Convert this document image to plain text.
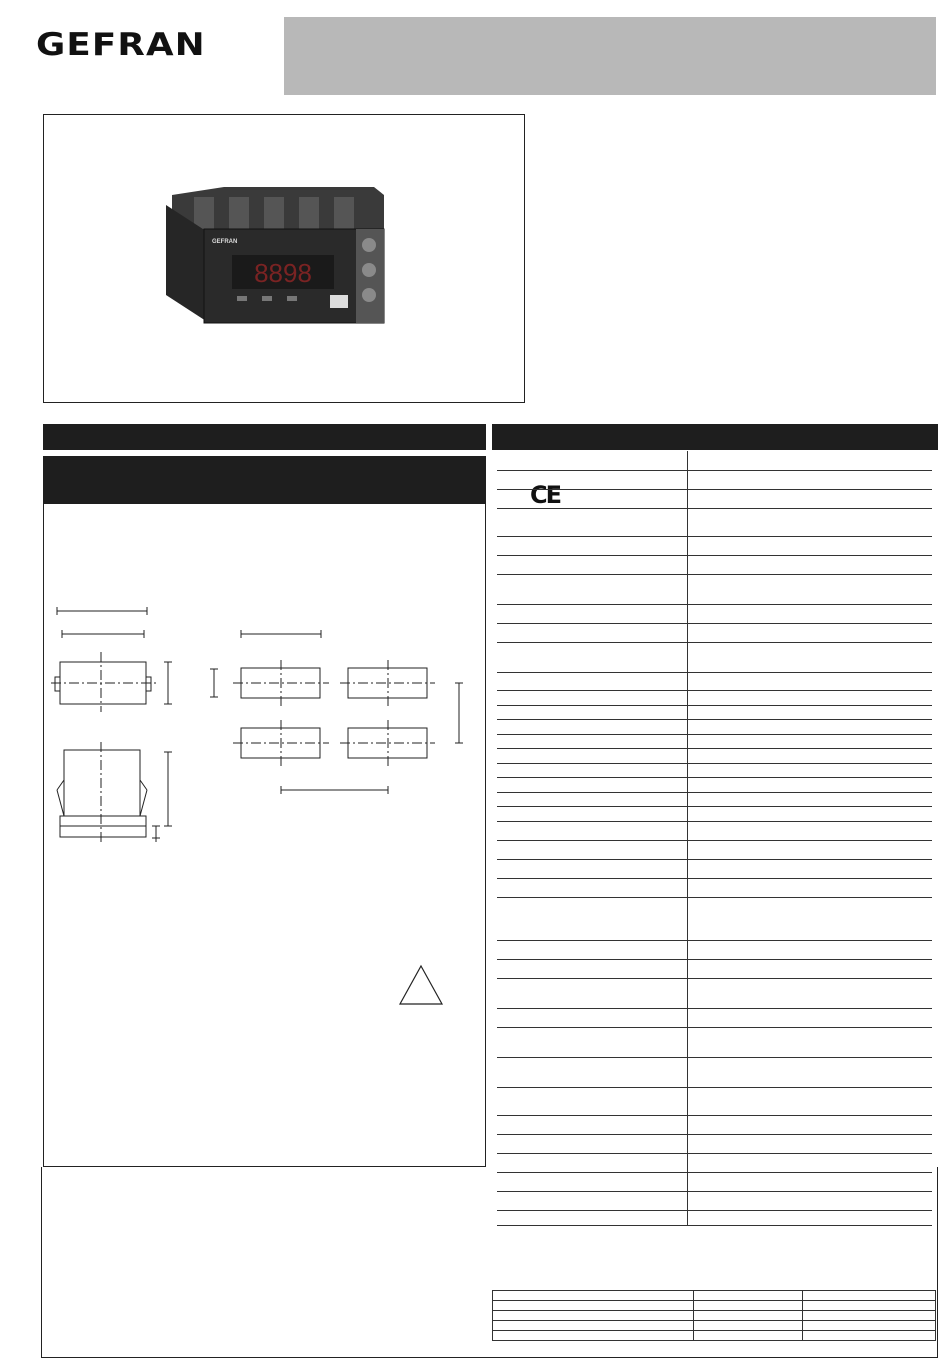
GEFRAN
GEFRAN
8898
CE
